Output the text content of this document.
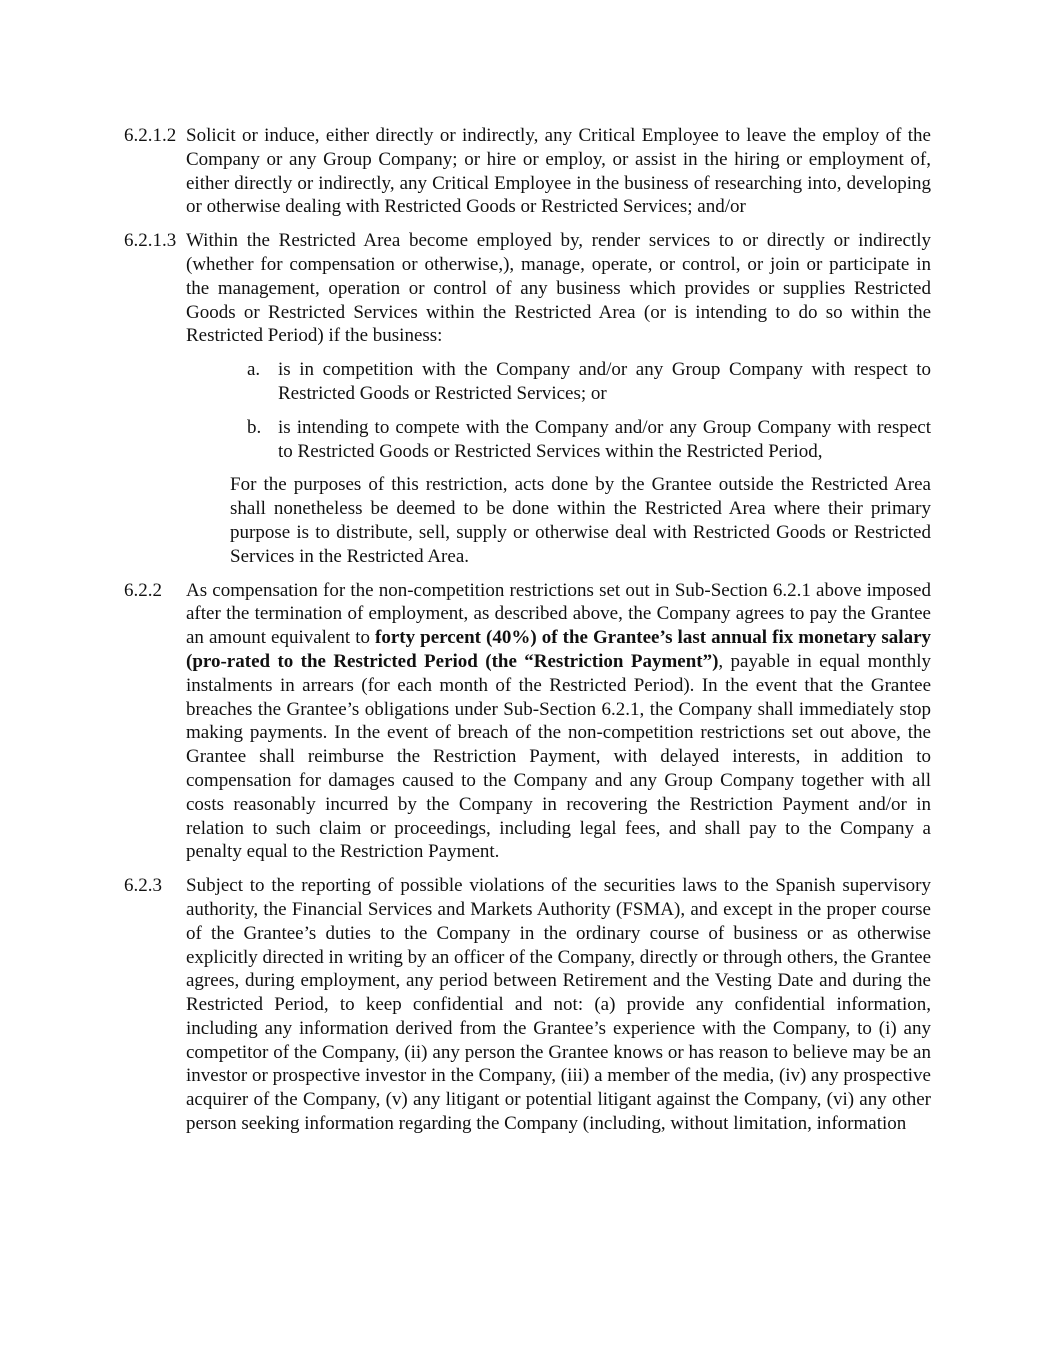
6.2.1.2 Solicit or induce, either directly or indirectly, any Critical Employee to leave the employ of the Company or any Group Company; or hire or employ, or assist in the hiring or employment of, either directly or indirectly, any Critical Employee in the business of researching into, developing or otherwise dealing with Restricted Goods or Restricted Services; and/or

6.2.1.3 Within the Restricted Area become employed by, render services to or directly or indirectly (whether for compensation or otherwise,), manage, operate, or control, or join or participate in the management, operation or control of any business which provides or supplies Restricted Goods or Restricted Services within the Restricted Area (or is intending to do so within the Restricted Period) if the business:

a. is in competition with the Company and/or any Group Company with respect to Restricted Goods or Restricted Services; or

b. is intending to compete with the Company and/or any Group Company with respect to Restricted Goods or Restricted Services within the Restricted Period,

For the purposes of this restriction, acts done by the Grantee outside the Restricted Area shall nonetheless be deemed to be done within the Restricted Area where their primary purpose is to distribute, sell, supply or otherwise deal with Restricted Goods or Restricted Services in the Restricted Area.

6.2.2 As compensation for the non-competition restrictions set out in Sub-Section 6.2.1 above imposed after the termination of employment, as described above, the Company agrees to pay the Grantee an amount equivalent to forty percent (40%) of the Grantee’s last annual fix monetary salary (pro-rated to the Restricted Period (the “Restriction Payment”), payable in equal monthly instalments in arrears (for each month of the Restricted Period). In the event that the Grantee breaches the Grantee’s obligations under Sub-Section 6.2.1, the Company shall immediately stop making payments. In the event of breach of the non-competition restrictions set out above, the Grantee shall reimburse the Restriction Payment, with delayed interests, in addition to compensation for damages caused to the Company and any Group Company together with all costs reasonably incurred by the Company in recovering the Restriction Payment and/or in relation to such claim or proceedings, including legal fees, and shall pay to the Company a penalty equal to the Restriction Payment.

6.2.3 Subject to the reporting of possible violations of the securities laws to the Spanish supervisory authority, the Financial Services and Markets Authority (FSMA), and except in the proper course of the Grantee’s duties to the Company in the ordinary course of business or as otherwise explicitly directed in writing by an officer of the Company, directly or through others, the Grantee agrees, during employment, any period between Retirement and the Vesting Date and during the Restricted Period, to keep confidential and not: (a) provide any confidential information, including any information derived from the Grantee’s experience with the Company, to (i) any competitor of the Company, (ii) any person the Grantee knows or has reason to believe may be an investor or prospective investor in the Company, (iii) a member of the media, (iv) any prospective acquirer of the Company, (v) any litigant or potential litigant against the Company, (vi) any other person seeking information regarding the Company (including, without limitation, information
